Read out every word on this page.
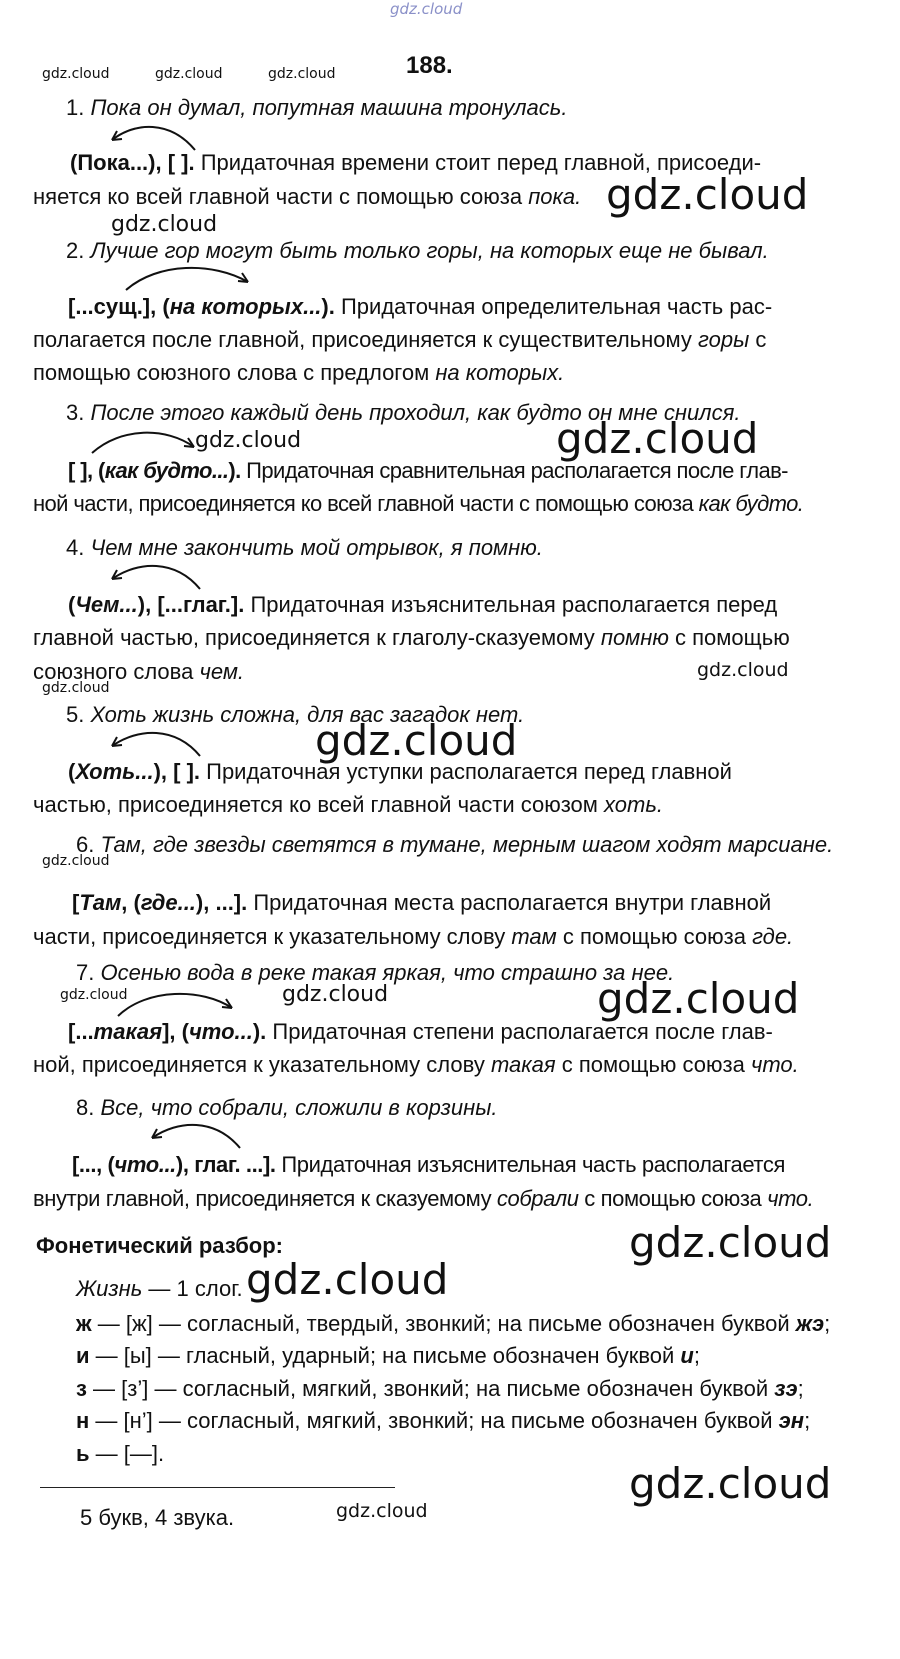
gdz.cloud
gdz.cloud	gdz.cloud	gdz.cloud
gdz.cloud
gdz.cloud
gdz.cloud	gdz.cloud
gdz.cloud
gdz.cloud
gdz.cloud
gdz.cloud
gdz.cloud	gdz.cloud	gdz.cloud
gdz.cloud
gdz.cloud
gdz.cloud
gdz.cloud
188.
1. Пока он думал, попутная машина тронулась.
(Пока...), [ ]. Придаточная времени стоит перед главной, присоеди-
няется ко всей главной части с помощью союза пока.
2. Лучше гор могут быть только горы, на которых еще не бывал.
[...сущ.], (на которых...). Придаточная определительная часть рас-
полагается после главной, присоединяется к существительному горы с
помощью союзного слова с предлогом на которых.
3. После этого каждый день проходил, как будто он мне снился.
[ ], (как будто...). Придаточная сравнительная располагается после глав-
ной части, присоединяется ко всей главной части с помощью союза как будто.
4. Чем мне закончить мой отрывок, я помню.
(Чем...), [...глаг.]. Придаточная изъяснительная располагается перед
главной частью, присоединяется к глаголу-сказуемому помню с помощью
союзного слова чем.
5. Хоть жизнь сложна, для вас загадок нет.
(Хоть...), [ ]. Придаточная уступки располагается перед главной
частью, присоединяется ко всей главной части союзом хоть.
6. Там, где звезды светятся в тумане, мерным шагом ходят марсиане.
[Там, (где...), ...]. Придаточная места располагается внутри главной
части, присоединяется к указательному слову там с помощью союза где.
7. Осенью вода в реке такая яркая, что страшно за нее.
[...такая], (что...). Придаточная степени располагается после глав-
ной, присоединяется к указательному слову такая с помощью союза что.
8. Все, что собрали, сложили в корзины.
[..., (что...), глаг. ...]. Придаточная изъяснительная часть располагается
внутри главной, присоединяется к сказуемому собрали с помощью союза что.
Фонетический разбор:
Жизнь — 1 слог.
ж — [ж] — согласный, твердый, звонкий; на письме обозначен буквой жэ;
и — [ы] — гласный, ударный; на письме обозначен буквой и;
з — [з’] — согласный, мягкий, звонкий; на письме обозначен буквой зэ;
н — [н’] — согласный, мягкий, звонкий; на письме обозначен буквой эн;
ь — [—].
5 букв, 4 звука.
